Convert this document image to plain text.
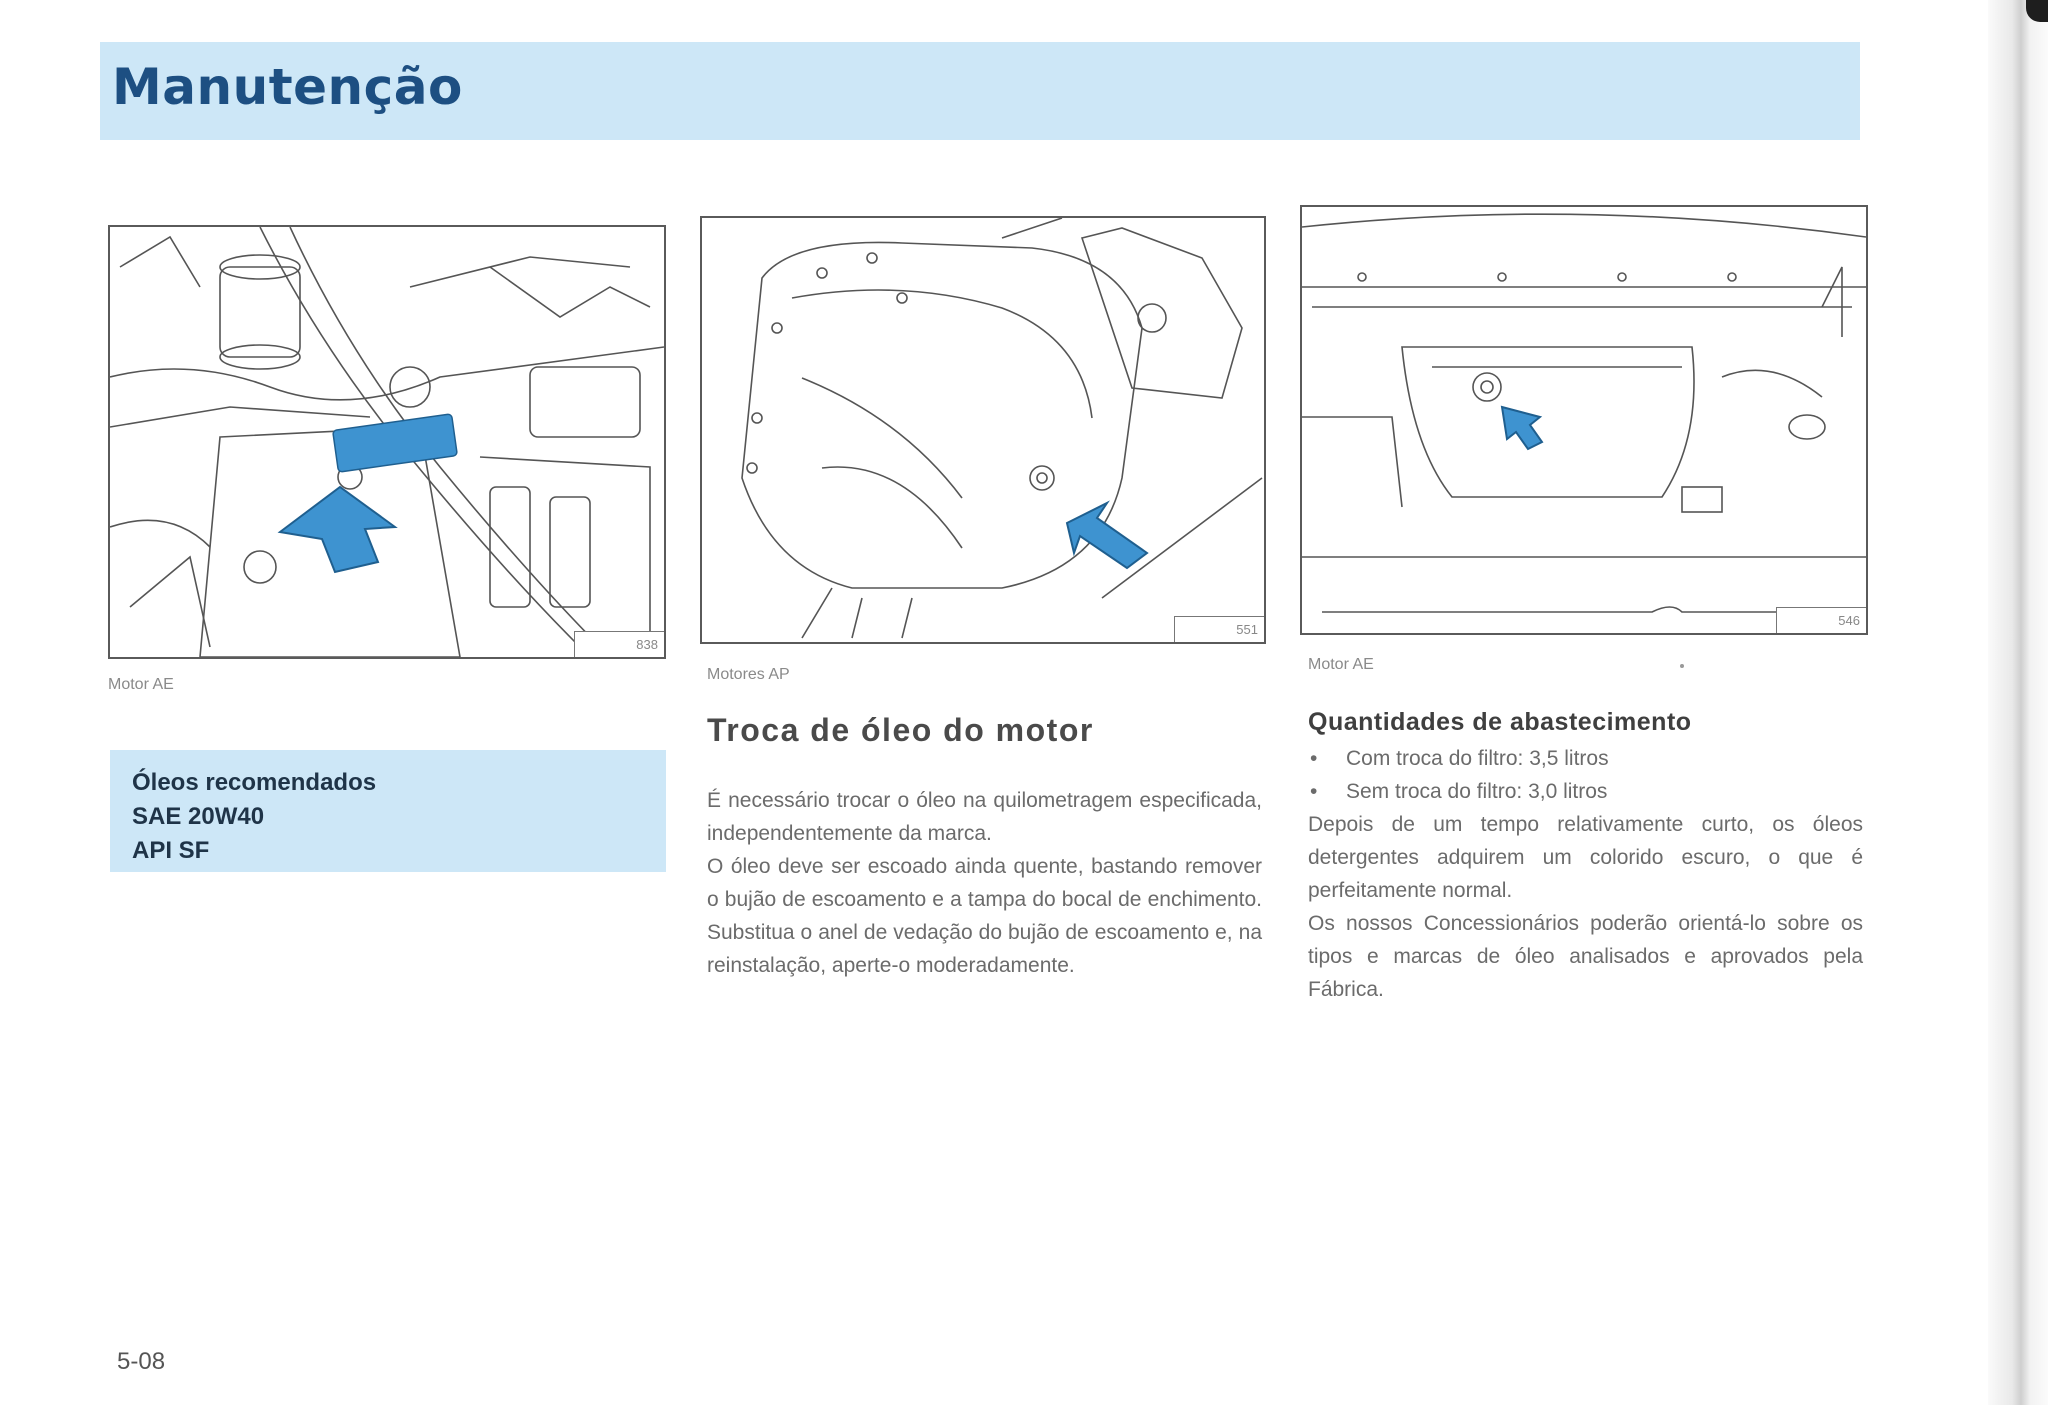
Manutenção
838
Motor AE
551
Motores AP
546
Motor AE
Óleos recomendados
SAE 20W40
API SF
Troca de óleo do motor

É necessário trocar o óleo na quilometragem especificada, independentemente da marca.

O óleo deve ser escoado ainda quente, bastando remover o bujão de escoamento e a tampa do bocal de enchimento. Substitua o anel de vedação do bujão de escoamento e, na reinstalação, aperte-o moderadamente.

Quantidades de abastecimento
• Com troca do filtro: 3,5 litros
• Sem troca do filtro: 3,0 litros

Depois de um tempo relativamente curto, os óleos detergentes adquirem um colorido escuro, o que é perfeitamente normal.

Os nossos Concessionários poderão orientá-lo sobre os tipos e marcas de óleo analisados e aprovados pela Fábrica.

5-08
